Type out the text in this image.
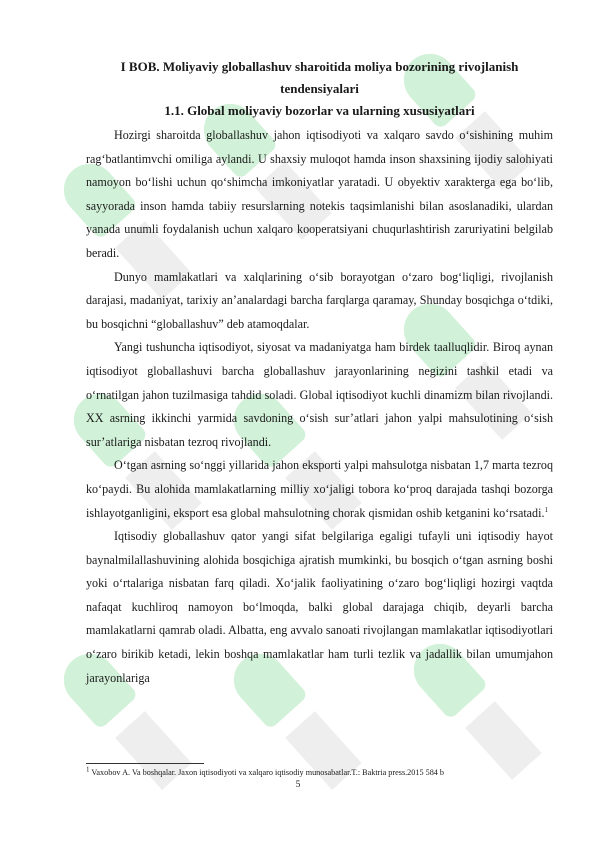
I BOB. Moliyaviy globallashuv sharoitida moliya bozorining rivojlanish tendensiyalari
1.1. Global moliyaviy bozorlar va ularning xususiyatlari

Hozirgi sharoitda globallashuv jahon iqtisodiyoti va xalqaro savdo o‘sishining muhim rag‘batlantimvchi omiliga aylandi. U shaxsiy muloqot hamda inson shaxsining ijodiy salohiyati namoyon bo‘lishi uchun qo‘shimcha imkoniyatlar yaratadi. U obyektiv xarakterga ega bo‘lib, sayyorada inson hamda tabiiy resurslarning notekis taqsimlanishi bilan asoslanadiki, ulardan yanada unumli foydalanish uchun xalqaro kooperatsiyani chuqurlashtirish zaruriyatini belgilab beradi.

Dunyo mamlakatlari va xalqlarining o‘sib borayotgan o‘zaro bog‘liqligi, rivojlanish darajasi, madaniyat, tarixiy an’analardagi barcha farqlarga qaramay, Shunday bosqichga o‘tdiki, bu bosqichni “globallashuv” deb atamoqdalar.

Yangi tushuncha iqtisodiyot, siyosat va madaniyatga ham birdek taalluqlidir. Biroq aynan iqtisodiyot globallashuvi barcha globallashuv jarayonlarining negizini tashkil etadi va o‘rnatilgan jahon tuzilmasiga tahdid soladi. Global iqtisodiyot kuchli dinamizm bilan rivojlandi. XX asrning ikkinchi yarmida savdoning o‘sish sur’atlari jahon yalpi mahsulotining o‘sish sur’atlariga nisbatan tezroq rivojlandi.

O‘tgan asrning so‘nggi yillarida jahon eksporti yalpi mahsulotga nisbatan 1,7 marta tezroq ko‘paydi. Bu alohida mamlakatlarning milliy xo‘jaligi tobora ko‘proq darajada tashqi bozorga ishlayotganligini, eksport esa global mahsulotning chorak qismidan oshib ketganini ko‘rsatadi.$^1$

Iqtisodiy globallashuv qator yangi sifat belgilariga egaligi tufayli uni iqtisodiy hayot baynalmilallashuvining alohida bosqichiga ajratish mumkinki, bu bosqich o‘tgan asrning boshi yoki o‘rtalariga nisbatan farq qiladi. Xo‘jalik faoliyatining o‘zaro bog‘liqligi hozirgi vaqtda nafaqat kuchliroq namoyon bo‘lmoqda, balki global darajaga chiqib, deyarli barcha mamlakatlarni qamrab oladi. Albatta, eng avvalo sanoati rivojlangan mamlakatlar iqtisodiyotlari o‘zaro birikib ketadi, lekin boshqa mamlakatlar ham turli tezlik va jadallik bilan umumjahon jarayonlariga

$^1$ Vaxobov A. Va boshqalar. Jaxon iqtisodiyoti va xalqaro iqtisodiy munosabatlar.T.: Baktria press.2015 584 b
5
